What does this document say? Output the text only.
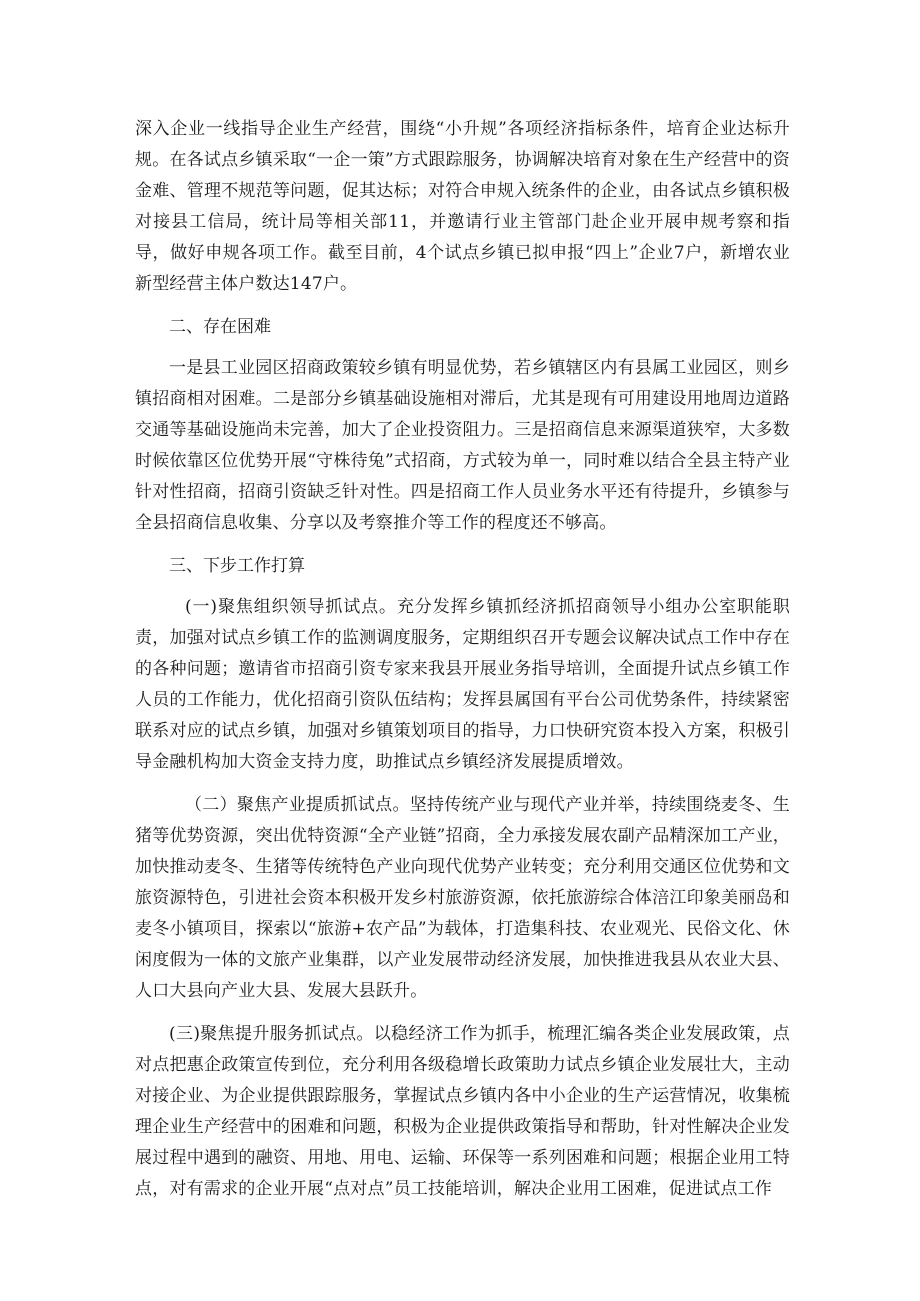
深入企业一线指导企业生产经营，围绕“小升规”各项经济指标条件，培育企业达标升规。在各试点乡镇采取“一企一策”方式跟踪服务，协调解决培育对象在生产经营中的资金难、管理不规范等问题，促其达标；对符合申规入统条件的企业，由各试点乡镇积极对接县工信局，统计局等相关部11，并邀请行业主管部门赴企业开展申规考察和指导，做好申规各项工作。截至目前，4个试点乡镇已拟申报“四上”企业7户，新增农业新型经营主体户数达147户。

二、存在困难

一是县工业园区招商政策较乡镇有明显优势，若乡镇辖区内有县属工业园区，则乡镇招商相对困难。二是部分乡镇基础设施相对滞后，尤其是现有可用建设用地周边道路交通等基础设施尚未完善，加大了企业投资阻力。三是招商信息来源渠道狭窄，大多数时候依靠区位优势开展“守株待兔”式招商，方式较为单一，同时难以结合全县主特产业针对性招商，招商引资缺乏针对性。四是招商工作人员业务水平还有待提升，乡镇参与全县招商信息收集、分享以及考察推介等工作的程度还不够高。

三、下步工作打算

(一)聚焦组织领导抓试点。充分发挥乡镇抓经济抓招商领导小组办公室职能职责，加强对试点乡镇工作的监测调度服务，定期组织召开专题会议解决试点工作中存在的各种问题；邀请省市招商引资专家来我县开展业务指导培训，全面提升试点乡镇工作人员的工作能力，优化招商引资队伍结构；发挥县属国有平台公司优势条件，持续紧密联系对应的试点乡镇，加强对乡镇策划项目的指导，力口快研究资本投入方案，积极引导金融机构加大资金支持力度，助推试点乡镇经济发展提质增效。

（二）聚焦产业提质抓试点。坚持传统产业与现代产业并举，持续围绕麦冬、生猪等优势资源，突出优特资源“全产业链”招商，全力承接发展农副产品精深加工产业，加快推动麦冬、生猪等传统特色产业向现代优势产业转变；充分利用交通区位优势和文旅资源特色，引进社会资本积极开发乡村旅游资源，依托旅游综合体涪江印象美丽岛和麦冬小镇项目，探索以“旅游+农产品”为载体，打造集科技、农业观光、民俗文化、休闲度假为一体的文旅产业集群，以产业发展带动经济发展，加快推进我县从农业大县、人口大县向产业大县、发展大县跃升。

(三)聚焦提升服务抓试点。以稳经济工作为抓手，梳理汇编各类企业发展政策，点对点把惠企政策宣传到位，充分利用各级稳增长政策助力试点乡镇企业发展壮大，主动对接企业、为企业提供跟踪服务，掌握试点乡镇内各中小企业的生产运营情况，收集梳理企业生产经营中的困难和问题，积极为企业提供政策指导和帮助，针对性解决企业发展过程中遇到的融资、用地、用电、运输、环保等一系列困难和问题；根据企业用工特点，对有需求的企业开展“点对点”员工技能培训，解决企业用工困难，促进试点工作
